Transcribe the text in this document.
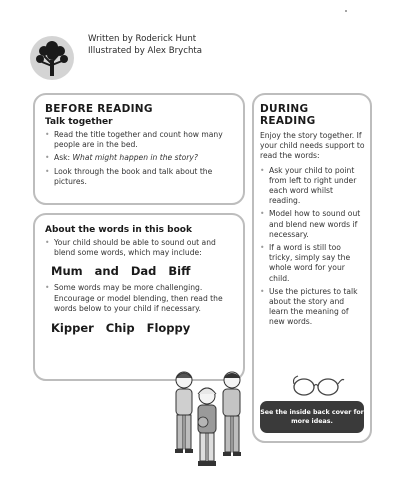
Written by Roderick Hunt
Illustrated by Alex Brychta
BEFORE READING
Talk together
• Read the title together and count how many people are in the bed.
• Ask: What might happen in the story?
• Look through the book and talk about the pictures.
About the words in this book
• Your child should be able to sound out and blend some words, which may include:
Mum and Dad Biff
• Some words may be more challenging. Encourage or model blending, then read the words below to your child if necessary.
Kipper Chip Floppy
DURING READING
Enjoy the story together. If your child needs support to read the words:
• Ask your child to point from left to right under each word whilst reading.
• Model how to sound out and blend new words if necessary.
• If a word is still too tricky, simply say the whole word for your child.
• Use the pictures to talk about the story and learn the meaning of new words.
See the inside back cover for more ideas.
